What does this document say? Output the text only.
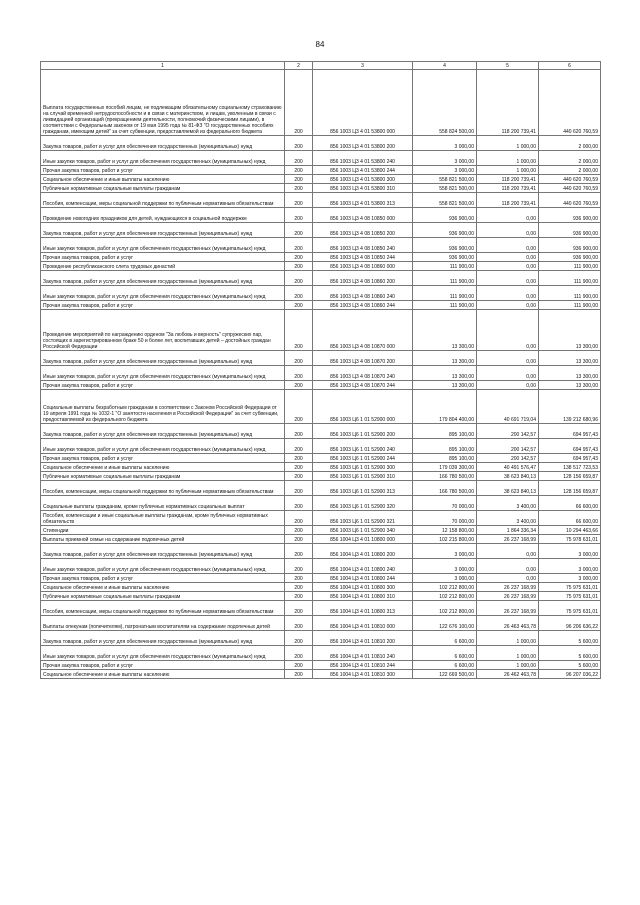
84
1	2	3	4	5	6
Выплата государственных пособий лицам, не подлежащим обязательному социальному страхованию на случай временной нетрудоспособности и в связи с материнством, и лицам, уволенным в связи с ликвидацией организаций (прекращением деятельности, полномочий физическими лицами), в соответствии с Федеральным законом от 19 мая 1995 года № 81-ФЗ "О государственных пособиях гражданам, имеющим детей" за счет субвенции, предоставляемой из федерального бюджета	200	856 1003 Ц3 4 01 53800 000	558 824 500,00	118 200 739,41	440 620 760,59
Закупка товаров, работ и услуг для обеспечения государственных (муниципальных) нужд	200	856 1003 Ц3 4 01 53800 200	3 000,00	1 000,00	2 000,00
Иные закупки товаров, работ и услуг для обеспечения государственных (муниципальных) нужд	200	856 1003 Ц3 4 01 53800 240	3 000,00	1 000,00	2 000,00
Прочая закупка товаров, работ и услуг	200	856 1003 Ц3 4 01 53800 244	3 000,00	1 000,00	2 000,00
Социальное обеспечение и иные выплаты населению	200	856 1003 Ц3 4 01 53800 300	558 821 500,00	118 200 739,41	440 620 760,59
Публичные нормативные социальные выплаты гражданам	200	856 1003 Ц3 4 01 53800 310	558 821 500,00	118 200 739,41	440 620 760,59
Пособия, компенсации, меры социальной поддержки по публичным нормативным обязательствам	200	856 1003 Ц3 4 01 53800 313	558 821 500,00	118 200 739,41	440 620 760,59
Проведение новогодних праздников для детей, нуждающихся в социальной поддержке	200	856 1003 Ц3 4 08 10850 000	936 900,00	0,00	936 900,00
Закупка товаров, работ и услуг для обеспечения государственных (муниципальных) нужд	200	856 1003 Ц3 4 08 10850 200	936 900,00	0,00	936 900,00
Иные закупки товаров, работ и услуг для обеспечения государственных (муниципальных) нужд	200	856 1003 Ц3 4 08 10850 240	936 900,00	0,00	936 900,00
Прочая закупка товаров, работ и услуг	200	856 1003 Ц3 4 08 10850 244	936 900,00	0,00	936 900,00
Проведение республиканского слета трудовых династий	200	856 1003 Ц3 4 08 10860 000	111 900,00	0,00	111 900,00
Закупка товаров, работ и услуг для обеспечения государственных (муниципальных) нужд	200	856 1003 Ц3 4 08 10860 200	111 900,00	0,00	111 900,00
Иные закупки товаров, работ и услуг для обеспечения государственных (муниципальных) нужд	200	856 1003 Ц3 4 08 10860 240	111 900,00	0,00	111 900,00
Прочая закупка товаров, работ и услуг	200	856 1003 Ц3 4 08 10860 244	111 900,00	0,00	111 900,00
Проведение мероприятий по награждению орденом "За любовь и верность" супружеских пар, состоящих в зарегистрированном браке 50 и более лет, воспитавших детей – достойных граждан Российской Федерации	200	856 1003 Ц3 4 08 10870 000	13 300,00	0,00	13 300,00
Закупка товаров, работ и услуг для обеспечения государственных (муниципальных) нужд	200	856 1003 Ц3 4 08 10870 200	13 300,00	0,00	13 300,00
Иные закупки товаров, работ и услуг для обеспечения государственных (муниципальных) нужд	200	856 1003 Ц3 4 08 10870 240	13 300,00	0,00	13 300,00
Прочая закупка товаров, работ и услуг	200	856 1003 Ц3 4 08 10870 244	13 300,00	0,00	13 300,00
Социальные выплаты безработным гражданам в соответствии с Законом Российской Федерации от 19 апреля 1991 года № 1032-1 "О занятости населения в Российской Федерации" за счет субвенции, предоставляемой из федерального бюджета	200	856 1003 Ц6 1 01 52900 000	179 804 400,00	40 691 719,04	139 212 680,96
Закупка товаров, работ и услуг для обеспечения государственных (муниципальных) нужд	200	856 1003 Ц6 1 01 52900 200	895 100,00	200 142,57	694 957,43
Иные закупки товаров, работ и услуг для обеспечения государственных (муниципальных) нужд	200	856 1003 Ц6 1 01 52900 240	895 100,00	200 142,57	694 957,43
Прочая закупка товаров, работ и услуг	200	856 1003 Ц6 1 01 52900 244	895 100,00	200 142,57	694 957,43
Социальное обеспечение и иные выплаты населению	200	856 1003 Ц6 1 01 52900 300	179 039 300,00	40 491 576,47	138 517 723,53
Публичные нормативные социальные выплаты гражданам	200	856 1003 Ц6 1 01 52900 310	166 780 500,00	38 623 840,13	128 156 659,87
Пособия, компенсации, меры социальной поддержки по публичным нормативным обязательствам	200	856 1003 Ц6 1 01 52900 313	166 780 500,00	38 623 840,13	128 156 659,87
Социальные выплаты гражданам, кроме публичных нормативных социальных выплат	200	856 1003 Ц6 1 01 52900 320	70 000,00	3 400,00	66 600,00
Пособия, компенсации и иные социальные выплаты гражданам, кроме публичных нормативных обязательств	200	856 1003 Ц6 1 01 52900 321	70 000,00	3 400,00	66 600,00
Стипендии	200	856 1003 Ц6 1 01 52900 340	12 158 800,00	1 864 336,34	10 294 463,66
Выплаты приемной семье на содержание подопечных детей	200	856 1004 Ц3 4 01 10800 000	102 215 800,00	26 237 168,99	75 978 631,01
Закупка товаров, работ и услуг для обеспечения государственных (муниципальных) нужд	200	856 1004 Ц3 4 01 10800 200	3 000,00	0,00	3 000,00
Иные закупки товаров, работ и услуг для обеспечения государственных (муниципальных) нужд	200	856 1004 Ц3 4 01 10800 240	3 000,00	0,00	3 000,00
Прочая закупка товаров, работ и услуг	200	856 1004 Ц3 4 01 10800 244	3 000,00	0,00	3 000,00
Социальное обеспечение и иные выплаты населению	200	856 1004 Ц3 4 01 10800 300	102 212 800,00	26 237 168,99	75 975 631,01
Публичные нормативные социальные выплаты гражданам	200	856 1004 Ц3 4 01 10800 310	102 212 800,00	26 237 168,99	75 975 631,01
Пособия, компенсации, меры социальной поддержки по публичным нормативным обязательствам	200	856 1004 Ц3 4 01 10800 313	102 212 800,00	26 237 168,99	75 975 631,01
Выплаты опекунам (попечителям), патронатным воспитателям на содержание подопечных детей	200	856 1004 Ц3 4 01 10810 000	122 676 100,00	26 463 463,78	96 206 636,22
Закупка товаров, работ и услуг для обеспечения государственных (муниципальных) нужд	200	856 1004 Ц3 4 01 10810 200	6 600,00	1 000,00	5 600,00
Иные закупки товаров, работ и услуг для обеспечения государственных (муниципальных) нужд	200	856 1004 Ц3 4 01 10810 240	6 600,00	1 000,00	5 600,00
Прочая закупка товаров, работ и услуг	200	856 1004 Ц3 4 01 10810 244	6 600,00	1 000,00	5 600,00
Социальное обеспечение и иные выплаты населению	200	856 1004 Ц3 4 01 10810 300	122 669 500,00	26 462 463,78	96 207 036,22
